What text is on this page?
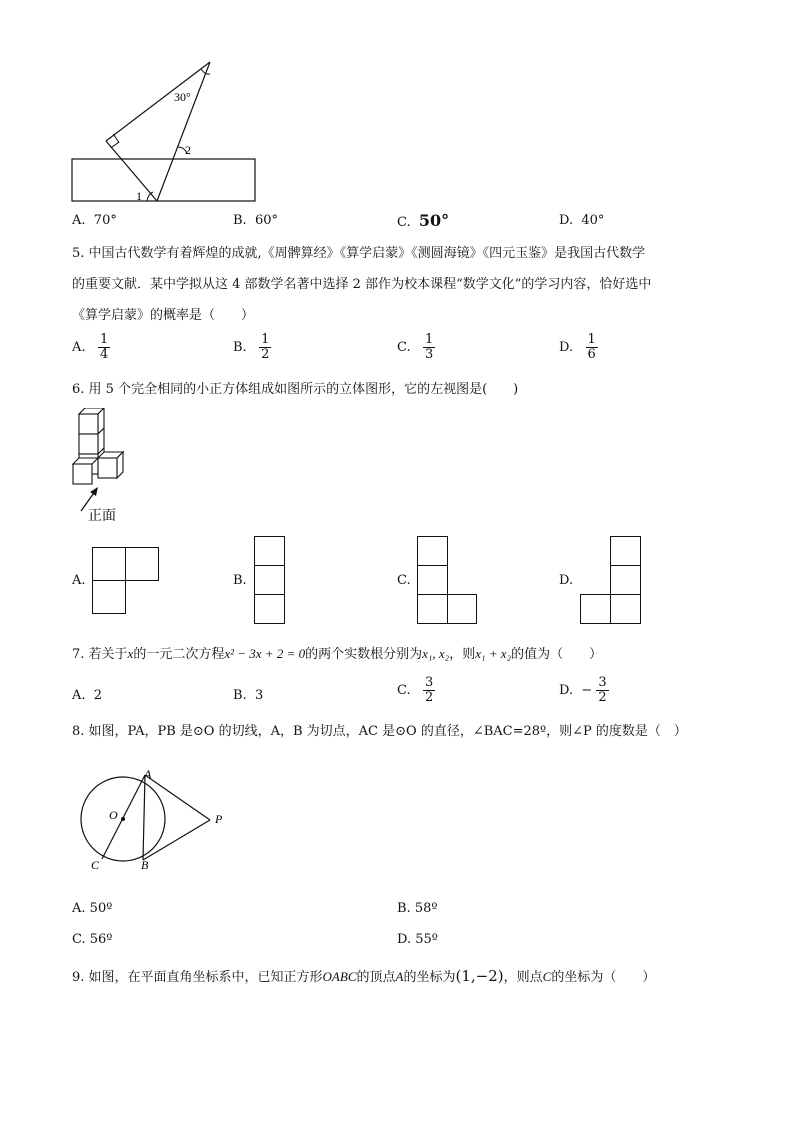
30°
2
1
A. 70°	B. 60°	C. 50°	D. 40°
5. 中国古代数学有着辉煌的成就,《周髀算经》《算学启蒙》《测圆海镜》《四元玉鉴》是我国古代数学
的重要文献．某中学拟从这 4 部数学名著中选择 2 部作为校本课程“数学文化”的学习内容，恰好选中
《算学启蒙》的概率是（　　）
A. $\frac{1}{4}$	B. $\frac{1}{2}$	C. $\frac{1}{3}$	D. $\frac{1}{6}$
6. 用 5 个完全相同的小正方体组成如图所示的立体图形，它的左视图是(　　)
正面
A.	B.	C.	D.
7. 若关于x的一元二次方程x² − 3x + 2 = 0的两个实数根分别为x₁, x₂，则x₁ + x₂的值为（　　）
A. 2	B. 3	C. $\frac{3}{2}$	D. − $\frac{3}{2}$
8. 如图，PA，PB 是⊙O 的切线，A，B 为切点，AC 是⊙O 的直径，∠BAC=28º，则∠P 的度数是（　）
A
O	P
C	B
A. 50º	B. 58º
C. 56º	D. 55º
9. 如图，在平面直角坐标系中，已知正方形OABC的顶点A的坐标为(1,−2)，则点C的坐标为（　　）
